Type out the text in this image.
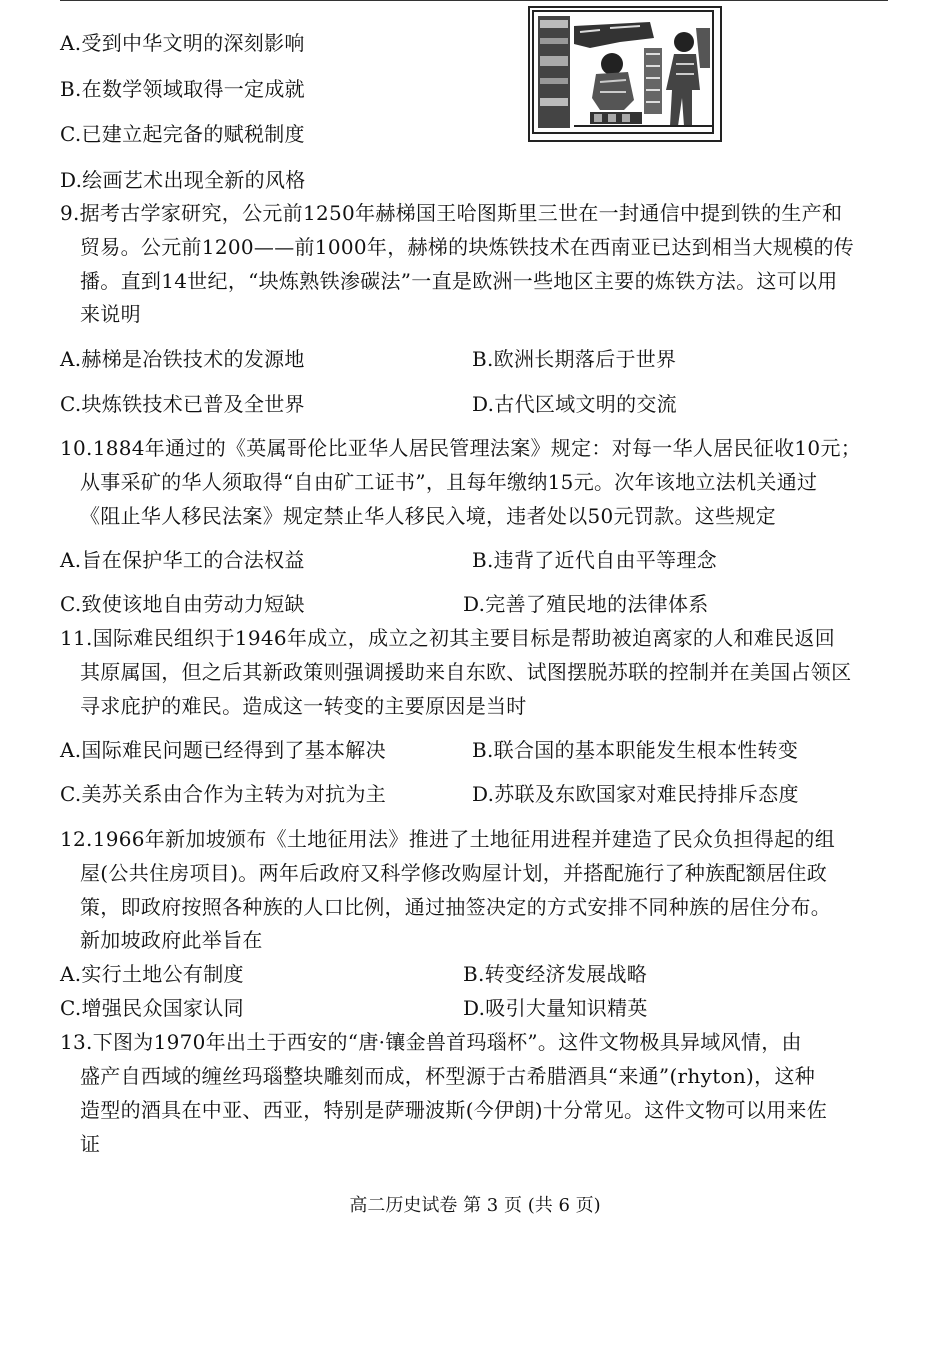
A.受到中华文明的深刻影响
B.在数学领域取得一定成就
C.已建立起完备的赋税制度
D.绘画艺术出现全新的风格
9.据考古学家研究，公元前1250年赫梯国王哈图斯里三世在一封通信中提到铁的生产和
贸易。公元前1200——前1000年，赫梯的块炼铁技术在西南亚已达到相当大规模的传
播。直到14世纪，“块炼熟铁渗碳法”一直是欧洲一些地区主要的炼铁方法。这可以用
来说明
A.赫梯是冶铁技术的发源地	B.欧洲长期落后于世界
C.块炼铁技术已普及全世界	D.古代区域文明的交流
10.1884年通过的《英属哥伦比亚华人居民管理法案》规定：对每一华人居民征收10元；
从事采矿的华人须取得“自由矿工证书”，且每年缴纳15元。次年该地立法机关通过
《阻止华人移民法案》规定禁止华人移民入境，违者处以50元罚款。这些规定
A.旨在保护华工的合法权益	B.违背了近代自由平等理念
C.致使该地自由劳动力短缺	D.完善了殖民地的法律体系
11.国际难民组织于1946年成立，成立之初其主要目标是帮助被迫离家的人和难民返回
其原属国，但之后其新政策则强调援助来自东欧、试图摆脱苏联的控制并在美国占领区
寻求庇护的难民。造成这一转变的主要原因是当时
A.国际难民问题已经得到了基本解决	B.联合国的基本职能发生根本性转变
C.美苏关系由合作为主转为对抗为主	D.苏联及东欧国家对难民持排斥态度
12.1966年新加坡颁布《土地征用法》推进了土地征用进程并建造了民众负担得起的组
屋(公共住房项目)。两年后政府又科学修改购屋计划，并搭配施行了种族配额居住政
策，即政府按照各种族的人口比例，通过抽签决定的方式安排不同种族的居住分布。
新加坡政府此举旨在
A.实行土地公有制度	B.转变经济发展战略
C.增强民众国家认同	D.吸引大量知识精英
13.下图为1970年出土于西安的“唐·镶金兽首玛瑙杯”。这件文物极具异域风情，由
盛产自西域的缠丝玛瑙整块雕刻而成，杯型源于古希腊酒具“来通”(rhyton)，这种
造型的酒具在中亚、西亚，特别是萨珊波斯(今伊朗)十分常见。这件文物可以用来佐
证
高二历史试卷 第 3 页 (共 6 页)
